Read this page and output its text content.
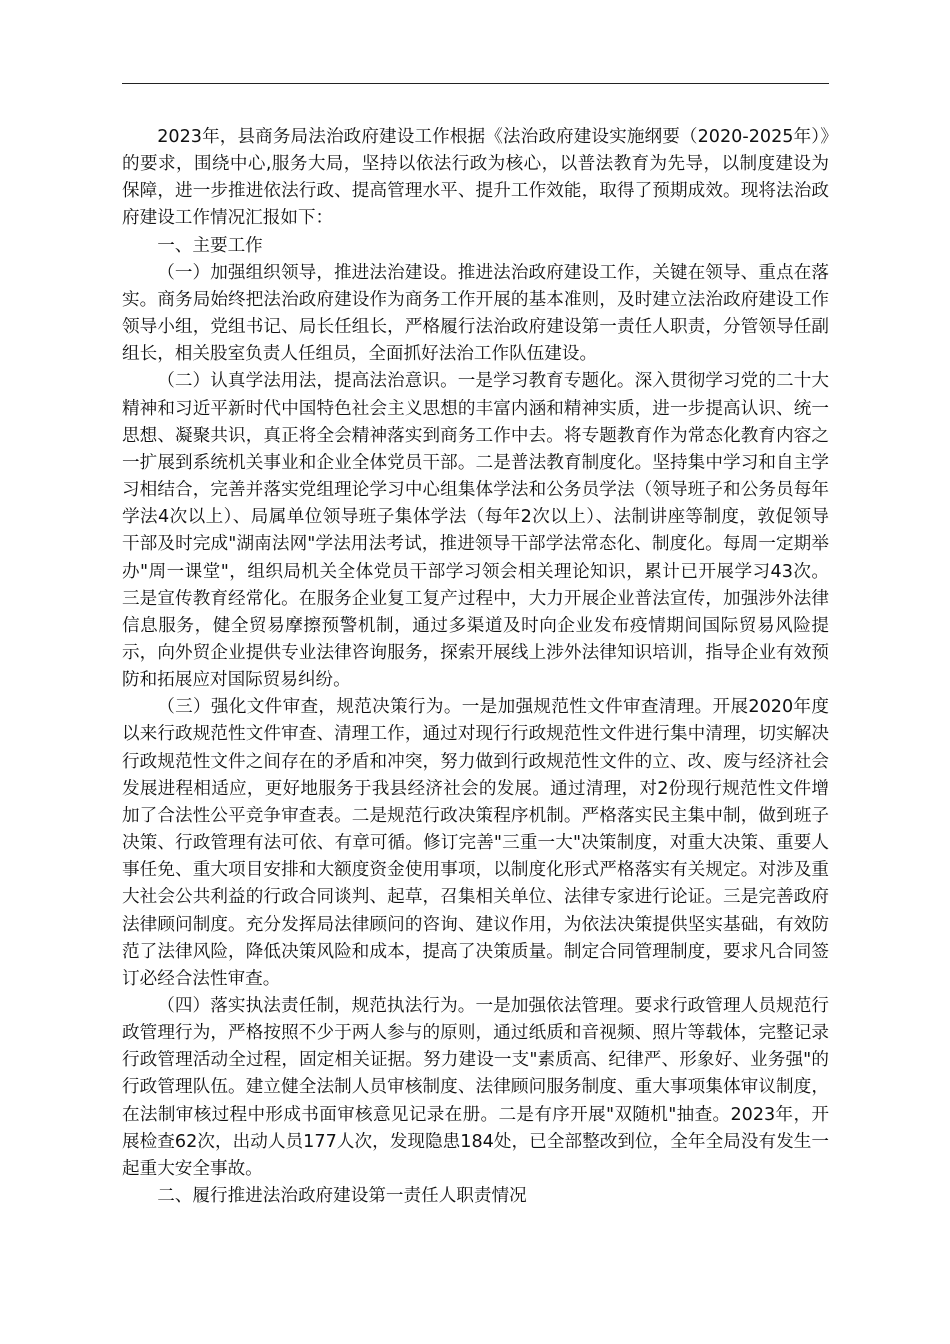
2023年，县商务局法治政府建设工作根据《法治政府建设实施纲要（2020-2025年）》的要求，围绕中心,服务大局，坚持以依法行政为核心，以普法教育为先导，以制度建设为保障，进一步推进依法行政、提高管理水平、提升工作效能，取得了预期成效。现将法治政府建设工作情况汇报如下：

一、主要工作

（一）加强组织领导，推进法治建设。推进法治政府建设工作，关键在领导、重点在落实。商务局始终把法治政府建设作为商务工作开展的基本准则，及时建立法治政府建设工作领导小组，党组书记、局长任组长，严格履行法治政府建设第一责任人职责，分管领导任副组长，相关股室负责人任组员，全面抓好法治工作队伍建设。

（二）认真学法用法，提高法治意识。一是学习教育专题化。深入贯彻学习党的二十大精神和习近平新时代中国特色社会主义思想的丰富内涵和精神实质，进一步提高认识、统一思想、凝聚共识，真正将全会精神落实到商务工作中去。将专题教育作为常态化教育内容之一扩展到系统机关事业和企业全体党员干部。二是普法教育制度化。坚持集中学习和自主学习相结合，完善并落实党组理论学习中心组集体学法和公务员学法（领导班子和公务员每年学法4次以上）、局属单位领导班子集体学法（每年2次以上）、法制讲座等制度，敦促领导干部及时完成"湖南法网"学法用法考试，推进领导干部学法常态化、制度化。每周一定期举办"周一课堂"，组织局机关全体党员干部学习领会相关理论知识，累计已开展学习43次。三是宣传教育经常化。在服务企业复工复产过程中，大力开展企业普法宣传，加强涉外法律信息服务，健全贸易摩擦预警机制，通过多渠道及时向企业发布疫情期间国际贸易风险提示，向外贸企业提供专业法律咨询服务，探索开展线上涉外法律知识培训，指导企业有效预防和拓展应对国际贸易纠纷。

（三）强化文件审查，规范决策行为。一是加强规范性文件审查清理。开展2020年度以来行政规范性文件审查、清理工作，通过对现行行政规范性文件进行集中清理，切实解决行政规范性文件之间存在的矛盾和冲突，努力做到行政规范性文件的立、改、废与经济社会发展进程相适应，更好地服务于我县经济社会的发展。通过清理，对2份现行规范性文件增加了合法性公平竞争审查表。二是规范行政决策程序机制。严格落实民主集中制，做到班子决策、行政管理有法可依、有章可循。修订完善"三重一大"决策制度，对重大决策、重要人事任免、重大项目安排和大额度资金使用事项，以制度化形式严格落实有关规定。对涉及重大社会公共利益的行政合同谈判、起草，召集相关单位、法律专家进行论证。三是完善政府法律顾问制度。充分发挥局法律顾问的咨询、建议作用，为依法决策提供坚实基础，有效防范了法律风险，降低决策风险和成本，提高了决策质量。制定合同管理制度，要求凡合同签订必经合法性审查。

（四）落实执法责任制，规范执法行为。一是加强依法管理。要求行政管理人员规范行政管理行为，严格按照不少于两人参与的原则，通过纸质和音视频、照片等载体，完整记录行政管理活动全过程，固定相关证据。努力建设一支"素质高、纪律严、形象好、业务强"的行政管理队伍。建立健全法制人员审核制度、法律顾问服务制度、重大事项集体审议制度，在法制审核过程中形成书面审核意见记录在册。二是有序开展"双随机"抽查。2023年，开展检查62次，出动人员177人次，发现隐患184处，已全部整改到位，全年全局没有发生一起重大安全事故。

二、履行推进法治政府建设第一责任人职责情况
